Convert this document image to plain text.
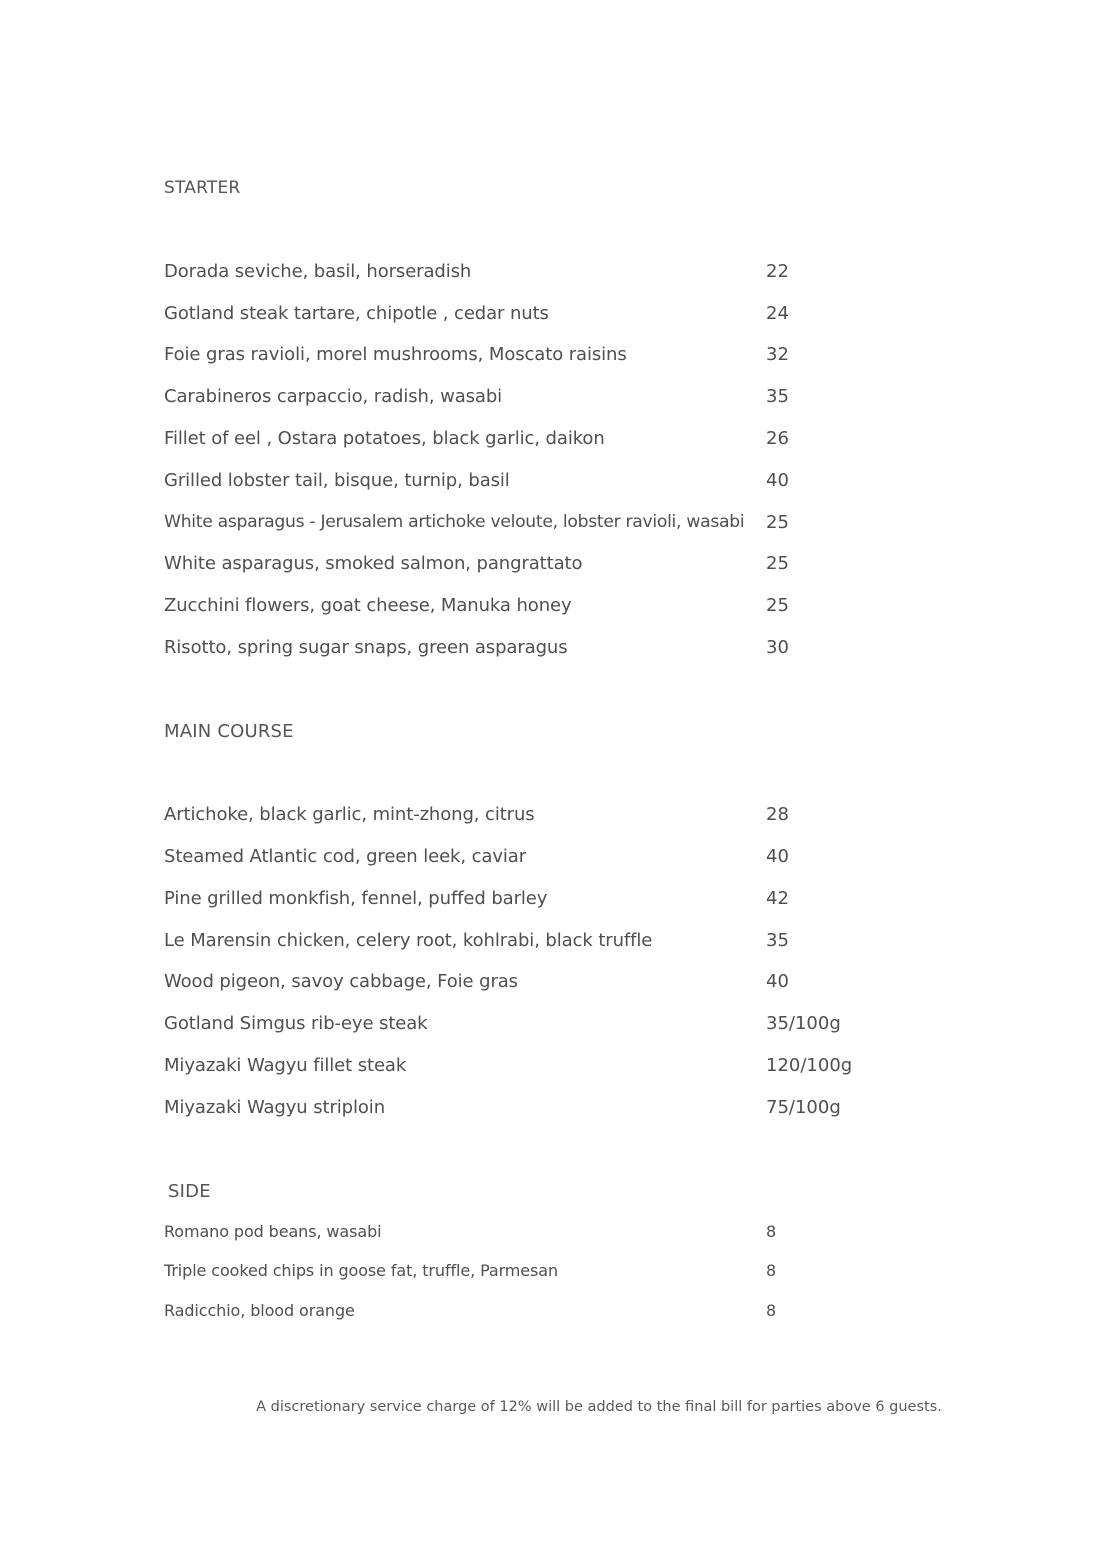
STARTER
Dorada seviche, basil, horseradish	22
Gotland steak tartare, chipotle , cedar nuts	24
Foie gras ravioli, morel mushrooms, Moscato raisins	32
Carabineros carpaccio, radish, wasabi	35
Fillet of eel , Ostara potatoes, black garlic, daikon	26
Grilled lobster tail, bisque, turnip, basil	40
White asparagus - Jerusalem artichoke veloute, lobster ravioli, wasabi 25
White asparagus, smoked salmon, pangrattato	25
Zucchini flowers, goat cheese, Manuka honey	25
Risotto, spring sugar snaps, green asparagus	30
MAIN COURSE
Artichoke, black garlic, mint-zhong, citrus	28
Steamed Atlantic cod, green leek, caviar	40
Pine grilled monkfish, fennel, puffed barley	42
Le Marensin chicken, celery root, kohlrabi, black truffle	35
Wood pigeon, savoy cabbage, Foie gras	40
Gotland Simgus rib-eye steak	35/100g
Miyazaki Wagyu fillet steak	120/100g
Miyazaki Wagyu striploin	75/100g
SIDE
Romano pod beans, wasabi	8
Triple cooked chips in goose fat, truffle, Parmesan	8
Radicchio, blood orange	8
A discretionary service charge of 12% will be added to the final bill for parties above 6 guests.
